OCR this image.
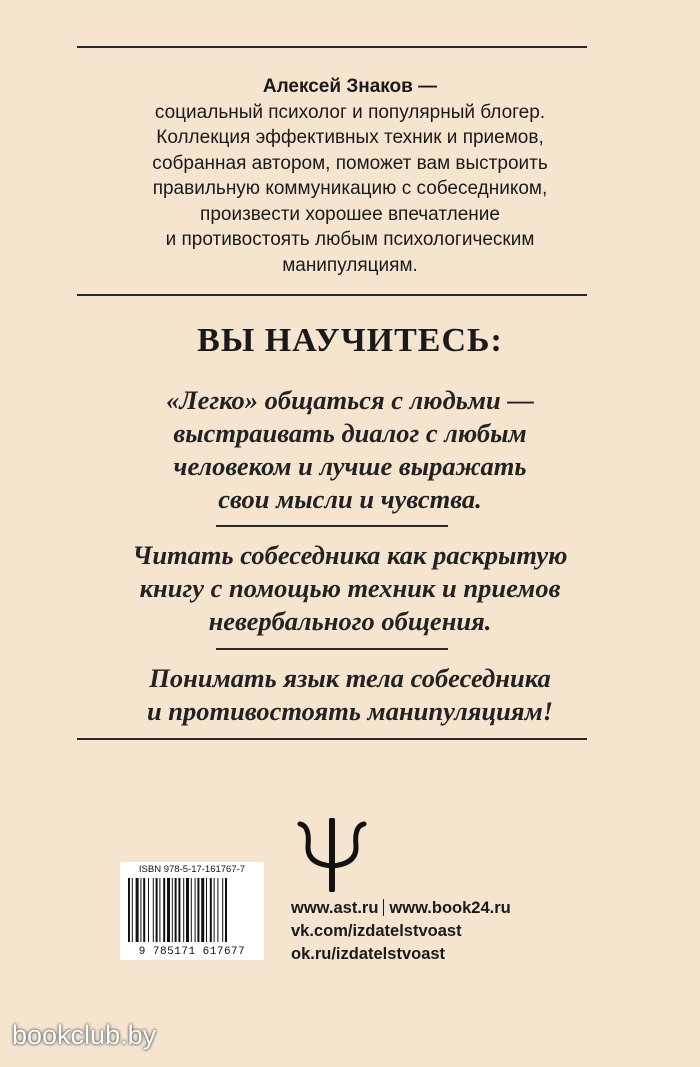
Алексей Знаков —
социальный психолог и популярный блогер.
Коллекция эффективных техник и приемов,
собранная автором, поможет вам выстроить
правильную коммуникацию с собеседником,
произвести хорошее впечатление
и противостоять любым психологическим
манипуляциям.
ВЫ НАУЧИТЕСЬ:
«Легко» общаться с людьми —
выстраивать диалог с любым
человеком и лучше выражать
свои мысли и чувства.
Читать собеседника как раскрытую
книгу с помощью техник и приемов
невербального общения.
Понимать язык тела собеседника
и противостоять манипуляциям!
ISBN 978-5-17-161767-7
9 785171 617677
www.ast.ru www.book24.ru
vk.com/izdatelstvoast
ok.ru/izdatelstvoast
bookclub.by
